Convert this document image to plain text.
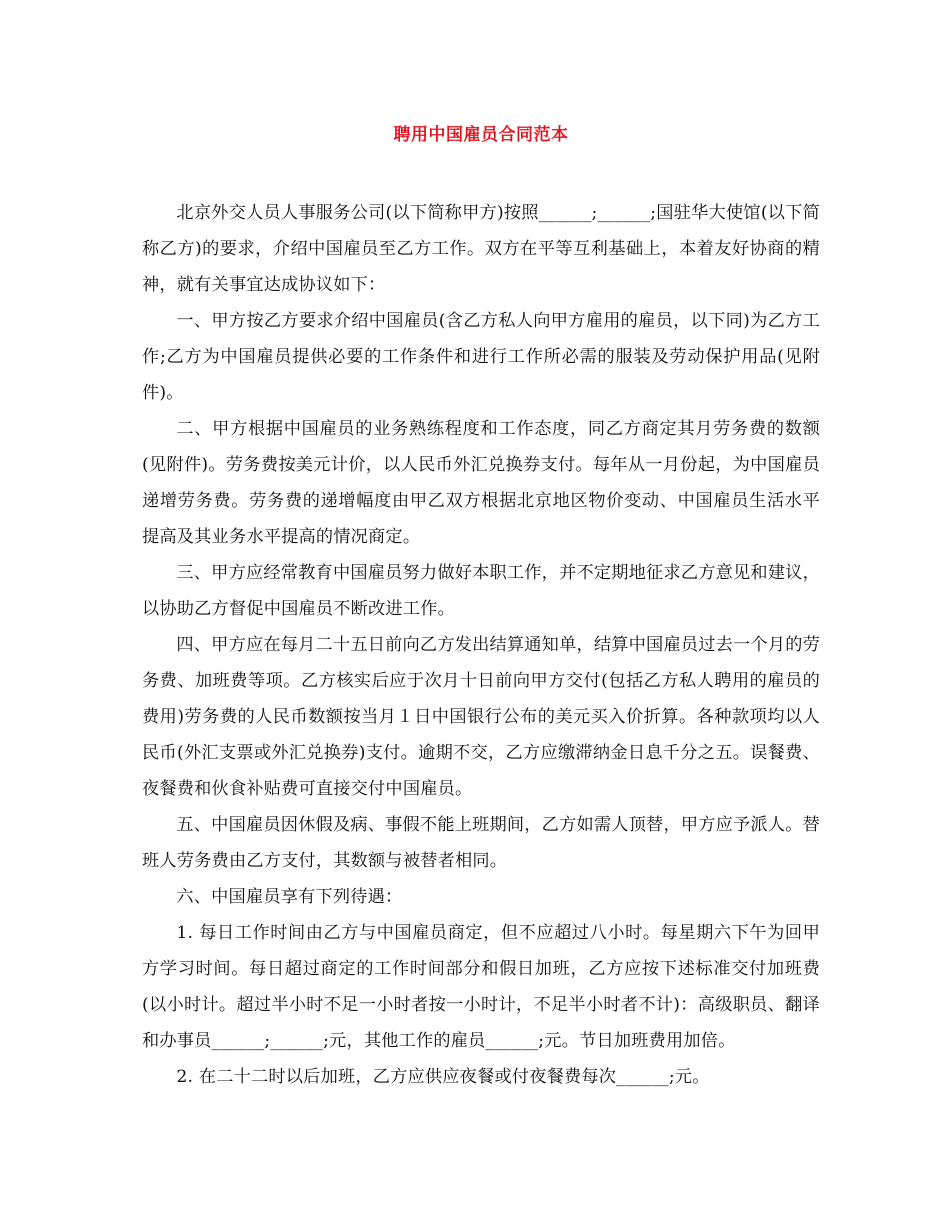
聘用中国雇员合同范本

北京外交人员人事服务公司(以下简称甲方)按照______;______;国驻华大使馆(以下简称乙方)的要求，介绍中国雇员至乙方工作。双方在平等互利基础上，本着友好协商的精神，就有关事宜达成协议如下：

一、甲方按乙方要求介绍中国雇员(含乙方私人向甲方雇用的雇员，以下同)为乙方工作;乙方为中国雇员提供必要的工作条件和进行工作所必需的服装及劳动保护用品(见附件)。

二、甲方根据中国雇员的业务熟练程度和工作态度，同乙方商定其月劳务费的数额(见附件)。劳务费按美元计价，以人民币外汇兑换券支付。每年从一月份起，为中国雇员递增劳务费。劳务费的递增幅度由甲乙双方根据北京地区物价变动、中国雇员生活水平提高及其业务水平提高的情况商定。

三、甲方应经常教育中国雇员努力做好本职工作，并不定期地征求乙方意见和建议，以协助乙方督促中国雇员不断改进工作。

四、甲方应在每月二十五日前向乙方发出结算通知单，结算中国雇员过去一个月的劳务费、加班费等项。乙方核实后应于次月十日前向甲方交付(包括乙方私人聘用的雇员的费用)劳务费的人民币数额按当月１日中国银行公布的美元买入价折算。各种款项均以人民币(外汇支票或外汇兑换券)支付。逾期不交，乙方应缴滞纳金日息千分之五。误餐费、夜餐费和伙食补贴费可直接交付中国雇员。

五、中国雇员因休假及病、事假不能上班期间，乙方如需人顶替，甲方应予派人。替班人劳务费由乙方支付，其数额与被替者相同。

六、中国雇员享有下列待遇：

1. 每日工作时间由乙方与中国雇员商定，但不应超过八小时。每星期六下午为回甲方学习时间。每日超过商定的工作时间部分和假日加班，乙方应按下述标准交付加班费(以小时计。超过半小时不足一小时者按一小时计，不足半小时者不计)：高级职员、翻译和办事员______;______;元，其他工作的雇员______;元。节日加班费用加倍。

2. 在二十二时以后加班，乙方应供应夜餐或付夜餐费每次______;元。
